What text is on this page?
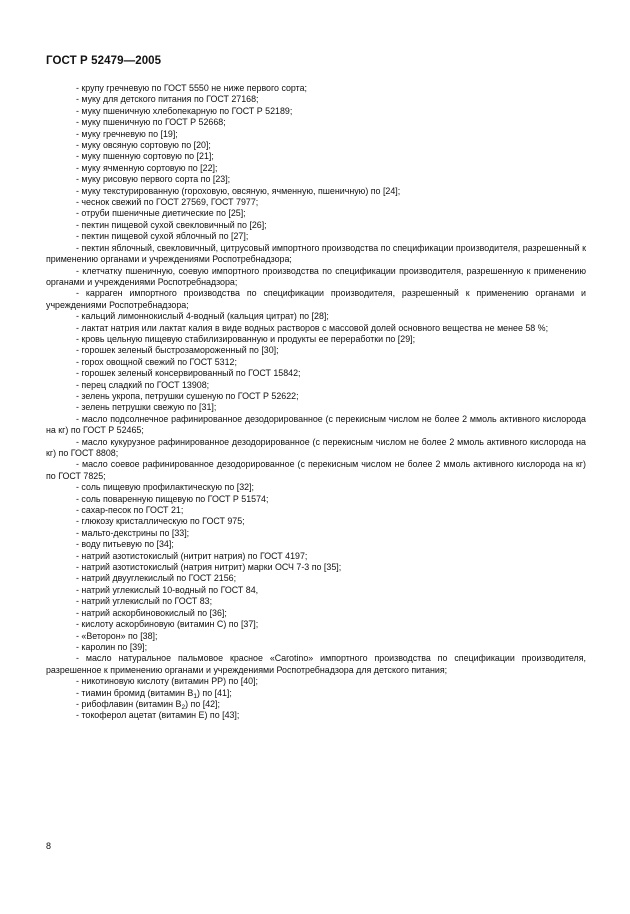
ГОСТ Р 52479—2005

- крупу гречневую по ГОСТ 5550 не ниже первого сорта;

- муку для детского питания по ГОСТ 27168;

- муку пшеничную хлебопекарную по ГОСТ Р 52189;

- муку пшеничную по ГОСТ Р 52668;

- муку гречневую по [19];

- муку овсяную сортовую по [20];

- муку пшенную сортовую по [21];

- муку ячменную сортовую по [22];

- муку рисовую первого сорта по [23];

- муку текстурированную (гороховую, овсяную, ячменную, пшеничную) по [24];

- чеснок свежий по ГОСТ 27569, ГОСТ 7977;

- отруби пшеничные диетические по [25];

- пектин пищевой сухой свекловичный по [26];

- пектин пищевой сухой яблочный по [27];

- пектин яблочный, свекловичный, цитрусовый импортного производства по спецификации производителя, разрешенный к применению органами и учреждениями Роспотребнадзора;

- клетчатку пшеничную, соевую импортного производства по спецификации производителя, разрешенную к применению органами и учреждениями Роспотребнадзора;

- карраген импортного производства по спецификации производителя, разрешенный к применению органами и учреждениями Роспотребнадзора;

- кальций лимоннокислый 4-водный (кальция цитрат) по [28];

- лактат натрия или лактат калия в виде водных растворов с массовой долей основного вещества не менее 58 %;

- кровь цельную пищевую стабилизированную и продукты ее переработки по [29];

- горошек зеленый быстрозамороженный по [30];

- горох овощной свежий по ГОСТ 5312;

- горошек зеленый консервированный по ГОСТ 15842;

- перец сладкий по ГОСТ 13908;

- зелень укропа, петрушки сушеную по ГОСТ Р 52622;

- зелень петрушки свежую по [31];

- масло подсолнечное рафинированное дезодорированное (с перекисным числом не более 2 ммоль активного кислорода на кг) по ГОСТ Р 52465;

- масло кукурузное рафинированное дезодорированное (с перекисным числом не более 2 ммоль активного кислорода на кг) по ГОСТ 8808;

- масло соевое рафинированное дезодорированное (с перекисным числом не более 2 ммоль активного кислорода на кг) по ГОСТ 7825;

- соль пищевую профилактическую по [32];

- соль поваренную пищевую по ГОСТ Р 51574;

- сахар-песок по ГОСТ 21;

- глюкозу кристаллическую по ГОСТ 975;

- мальто-декстрины по [33];

- воду питьевую по [34];

- натрий азотистокислый (нитрит натрия) по ГОСТ 4197;

- натрий азотистокислый (натрия нитрит) марки ОСЧ 7-3 по [35];

- натрий двууглекислый по ГОСТ 2156;

- натрий углекислый 10-водный по ГОСТ 84,

- натрий углекислый по ГОСТ 83;

- натрий аскорбиновокислый по [36];

- кислоту аскорбиновую (витамин С) по [37];

- «Веторон» по [38];

- каролин по [39];

- масло натуральное пальмовое красное «Carotino» импортного производства по спецификации производителя, разрешенное к применению органами и учреждениями Роспотребнадзора для детского питания;

- никотиновую кислоту (витамин РР) по [40];

- тиамин бромид (витамин $В_1$) по [41];

- рибофлавин (витамин $В_2$) по [42];

- токоферол ацетат (витамин Е) по [43];

8
